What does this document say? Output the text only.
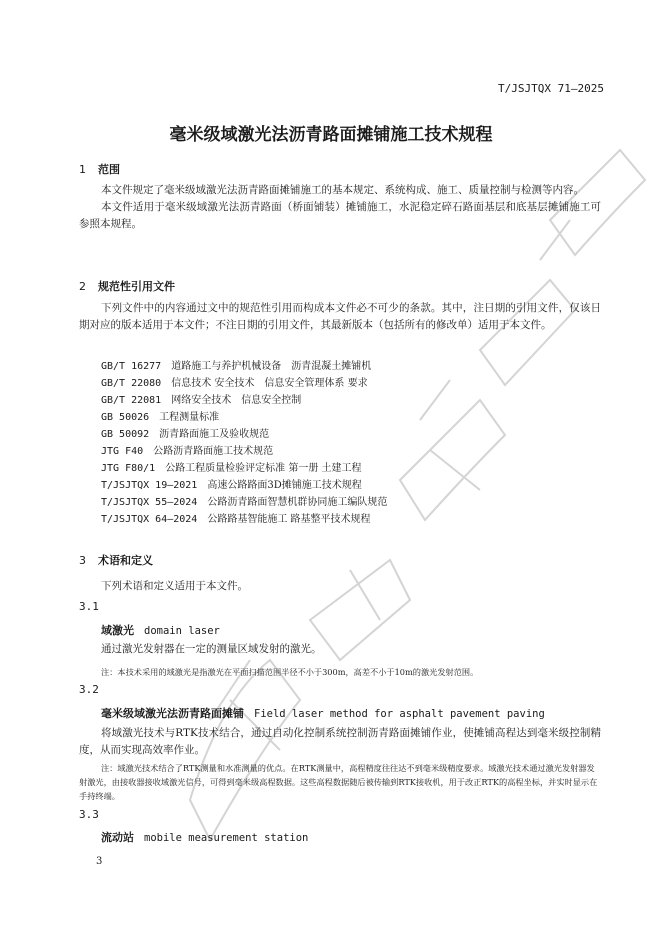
T/JSJTQX 71—2025
毫米级域激光法沥青路面摊铺施工技术规程
1 范围

本文件规定了毫米级域激光法沥青路面摊铺施工的基本规定、系统构成、施工、质量控制与检测等内容。

本文件适用于毫米级域激光法沥青路面（桥面铺装）摊铺施工，水泥稳定碎石路面基层和底基层摊铺施工可参照本规程。

2 规范性引用文件

下列文件中的内容通过文中的规范性引用而构成本文件必不可少的条款。其中，注日期的引用文件，仅该日期对应的版本适用于本文件；不注日期的引用文件，其最新版本（包括所有的修改单）适用于本文件。

GB/T 16277　 道路施工与养护机械设备　沥青混凝土摊铺机
GB/T 22080　 信息技术 安全技术　信息安全管理体系 要求
GB/T 22081　 网络安全技术　信息安全控制
GB 50026　 工程测量标准
GB 50092　 沥青路面施工及验收规范
JTG F40　 公路沥青路面施工技术规范
JTG F80/1　 公路工程质量检验评定标准 第一册 土建工程
T/JSJTQX 19—2021　 高速公路路面3D摊铺施工技术规程
T/JSJTQX 55—2024　 公路沥青路面智慧机群协同施工编队规范
T/JSJTQX 64—2024　 公路路基智能施工 路基整平技术规程
3 术语和定义

下列术语和定义适用于本文件。

3.1
域激光 domain laser
通过激光发射器在一定的测量区域发射的激光。

注：本技术采用的域激光是指激光在平面扫描范围半径不小于300m，高差不小于10m的激光发射范围。

3.2
毫米级域激光法沥青路面摊铺 Field laser method for asphalt pavement paving

将域激光技术与RTK技术结合，通过自动化控制系统控制沥青路面摊铺作业，使摊铺高程达到毫米级控制精度，从而实现高效率作业。

注：域激光技术结合了RTK测量和水准测量的优点。在RTK测量中，高程精度往往达不到毫米级精度要求。域激光技术通过激光发射器发射激光，由接收器接收域激光信号，可得到毫米级高程数据。这些高程数据随后被传输到RTK接收机，用于改正RTK的高程坐标，并实时显示在手持终端。

3.3
流动站 mobile measurement station
3
